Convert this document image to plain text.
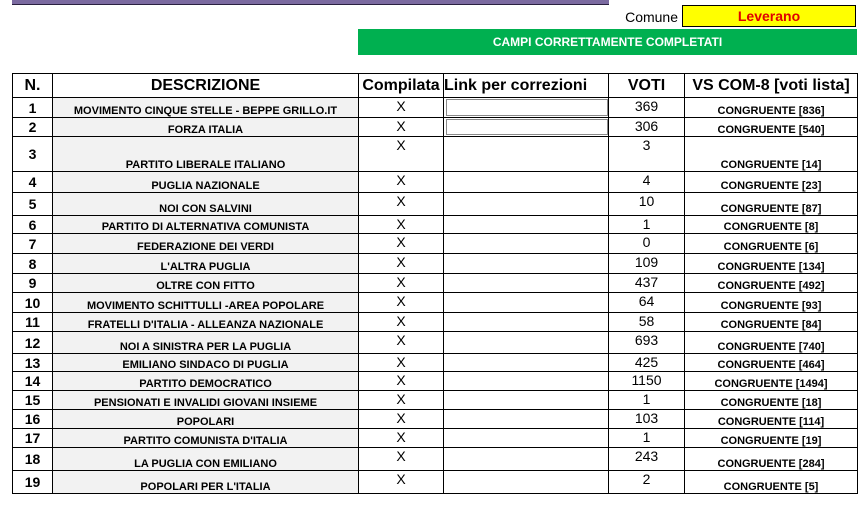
Comune	Leverano
CAMPI CORRETTAMENTE COMPLETATI
N.	DESCRIZIONE	Compilata	Link per correzioni	VOTI	VS COM-8 [voti lista]
1	MOVIMENTO CINQUE STELLE - BEPPE GRILLO.IT	X		369	CONGRUENTE [836]
2	FORZA ITALIA	X		306	CONGRUENTE [540]
3	PARTITO LIBERALE ITALIANO	X		3	CONGRUENTE [14]
4	PUGLIA NAZIONALE	X		4	CONGRUENTE [23]
5	NOI CON SALVINI	X		10	CONGRUENTE [87]
6	PARTITO DI ALTERNATIVA COMUNISTA	X		1	CONGRUENTE [8]
7	FEDERAZIONE DEI VERDI	X		0	CONGRUENTE [6]
8	L'ALTRA PUGLIA	X		109	CONGRUENTE [134]
9	OLTRE CON FITTO	X		437	CONGRUENTE [492]
10	MOVIMENTO SCHITTULLI -AREA POPOLARE	X		64	CONGRUENTE [93]
11	FRATELLI D'ITALIA - ALLEANZA NAZIONALE	X		58	CONGRUENTE [84]
12	NOI A SINISTRA PER LA PUGLIA	X		693	CONGRUENTE [740]
13	EMILIANO SINDACO DI PUGLIA	X		425	CONGRUENTE [464]
14	PARTITO DEMOCRATICO	X		1150	CONGRUENTE [1494]
15	PENSIONATI E INVALIDI GIOVANI INSIEME	X		1	CONGRUENTE [18]
16	POPOLARI	X		103	CONGRUENTE [114]
17	PARTITO COMUNISTA D'ITALIA	X		1	CONGRUENTE [19]
18	LA PUGLIA CON EMILIANO	X		243	CONGRUENTE [284]
19	POPOLARI PER L'ITALIA	X		2	CONGRUENTE [5]
